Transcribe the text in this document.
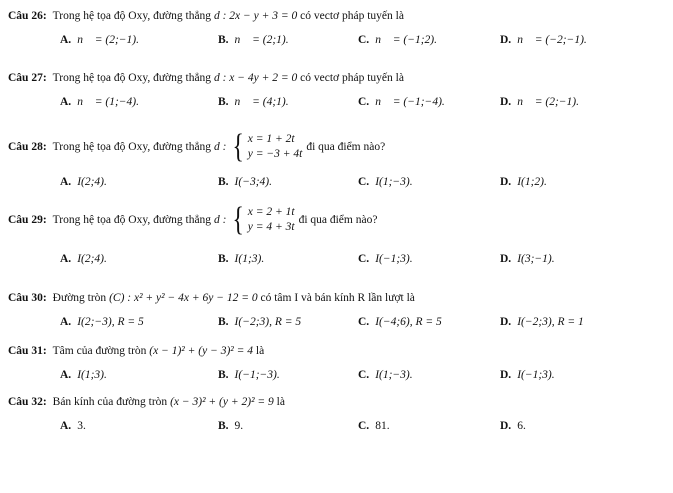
Câu 26: Trong hệ tọa độ Oxy, đường thẳng
d : 2x − y + 3 = 0
có vectơ pháp tuyến là
A. n⃗ = (2;−1).	B. n⃗ = (2;1).	C. n⃗ = (−1;2).	D. n⃗ = (−2;−1).
Câu 27: Trong hệ tọa độ Oxy, đường thẳng
d : x − 4y + 2 = 0
có vectơ pháp tuyến là
A. n⃗ = (1;−4).	B. n⃗ = (4;1).	C. n⃗ = (−1;−4).	D. n⃗ = (2;−1).
Câu 28: Trong hệ tọa độ Oxy, đường thẳng
d : { x = 1 + 2t
y = −3 + 4t
đi qua điểm nào?
A. I(2;4).	B. I(−3;4).	C. I(1;−3).	D. I(1;2).
Câu 29: Trong hệ tọa độ Oxy, đường thẳng
d : { x = 2 + 1t
y = 4 + 3t
đi qua điểm nào?
A. I(2;4).	B. I(1;3).	C. I(−1;3).	D. I(3;−1).
Câu 30: Đường tròn
(C) : x² + y² − 4x + 6y − 12 = 0
có tâm I và bán kính R lần lượt là
A. I(2;−3), R = 5	B. I(−2;3), R = 5	C. I(−4;6), R = 5	D. I(−2;3), R = 1
Câu 31: Tâm của đường tròn
(x − 1)² + (y − 3)² = 4
là
A. I(1;3).	B. I(−1;−3).	C. I(1;−3).	D. I(−1;3).
Câu 32: Bán kính của đường tròn
(x − 3)² + (y + 2)² = 9
là
A. 3.	B. 9.	C. 81.	D. 6.
